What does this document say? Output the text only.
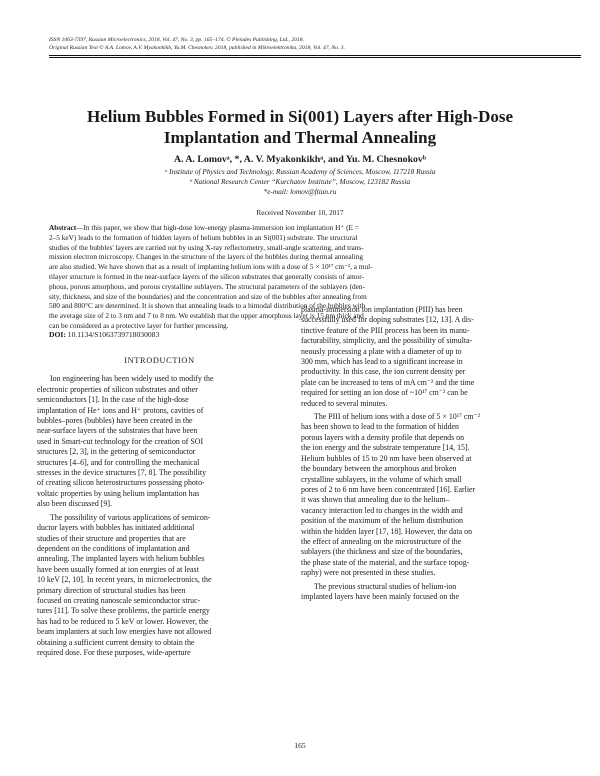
ISSN 1063-7397, Russian Microelectronics, 2018, Vol. 47, No. 3, pp. 165–174. © Pleiades Publishing, Ltd., 2018.
Original Russian Text © A.A. Lomov, A.V. Myakonkikh, Yu.M. Chesnokov, 2018, published in Mikroelektronika, 2018, Vol. 47, No. 3.
Helium Bubbles Formed in Si(001) Layers after High-Dose
Implantation and Thermal Annealing
A. A. Lomovᵃ, *, A. V. Myakonkikhᵃ, and Yu. M. Chesnokovᵇ
ᵃ Institute of Physics and Technology, Russian Academy of Sciences, Moscow, 117218 Russia
ᵇ National Research Center “Kurchatov Institute”, Moscow, 123182 Russia
*e-mail: lomov@ftian.ru
Received November 10, 2017
Abstract—In this paper, we show that high-dose low-energy plasma-immersion ion implantation H⁺ (E =
2–5 keV) leads to the formation of hidden layers of helium bubbles in an Si(001) substrate. The structural
studies of the bubbles' layers are carried out by using X-ray reflectometry, small-angle scattering, and trans-
mission electron microscopy. Changes in the structure of the layers of the bubbles during thermal annealing
are also studied. We have shown that as a result of implanting helium ions with a dose of 5 × 10¹⁷ cm⁻², a mul-
tilayer structure is formed in the near-surface layers of the silicon substrates that generally consists of amor-
phous, porous amorphous, and porous crystalline sublayers. The structural parameters of the sublayers (den-
sity, thickness, and size of the boundaries) and the concentration and size of the bubbles after annealing from
580 and 800°C are determined. It is shown that annealing leads to a bimodal distribution of the bubbles with
the average size of 2 to 3 nm and 7 to 8 nm. We establish that the upper amorphous layer is 15 nm thick and
can be considered as a protective layer for further processing.
DOI: 10.1134/S1063739718030083
INTRODUCTION
Ion engineering has been widely used to modify the
electronic properties of silicon substrates and other
semiconductors [1]. In the case of the high-dose
implantation of He⁺ ions and H⁺ protons, cavities of
bubbles–pores (bubbles) have been created in the
near-surface layers of the substrates that have been
used in Smart-cut technology for the creation of SOI
structures [2, 3], in the gettering of semiconductor
structures [4–6], and for controlling the mechanical
stresses in the device structures [7, 8]. The possibility
of creating silicon heterostructures possessing photo-
voltaic properties by using helium implantation has
also been discussed [9].
The possibility of various applications of semicon-
ductor layers with bubbles has initiated additional
studies of their structure and properties that are
dependent on the conditions of implantation and
annealing. The implanted layers with helium bubbles
have been usually formed at ion energies of at least
10 keV [2, 10]. In recent years, in microelectronics, the
primary direction of structural studies has been
focused on creating nanoscale semiconductor struc-
tures [11]. To solve these problems, the particle energy
has had to be reduced to 5 keV or lower. However, the
beam implanters at such low energies have not allowed
obtaining a sufficient current density to obtain the
required dose. For these purposes, wide-aperture
plasma-immersion ion implantation (PIII) has been
successfully used for doping substrates [12, 13]. A dis-
tinctive feature of the PIII process has been its manu-
facturability, simplicity, and the possibility of simulta-
neously processing a plate with a diameter of up to
300 mm, which has lead to a significant increase in
productivity. In this case, the ion current density per
plate can be increased to tens of mA cm⁻² and the time
required for setting an ion dose of ~10¹⁷ cm⁻² can be
reduced to several minutes.
The PIII of helium ions with a dose of 5 × 10¹⁷ cm⁻²
has been shown to lead to the formation of hidden
porous layers with a density profile that depends on
the ion energy and the substrate temperature [14, 15].
Helium bubbles of 15 to 20 nm have been observed at
the boundary between the amorphous and broken
crystalline sublayers, in the volume of which small
pores of 2 to 6 nm have been concentrated [16]. Earlier
it was shown that annealing due to the helium–
vacancy interaction led to changes in the width and
position of the maximum of the helium distribution
within the hidden layer [17, 18]. However, the data on
the effect of annealing on the microstructure of the
sublayers (the thickness and size of the boundaries,
the phase state of the material, and the surface topog-
raphy) were not presented in these studies.
The previous structural studies of helium-ion
implanted layers have been mainly focused on the
165
